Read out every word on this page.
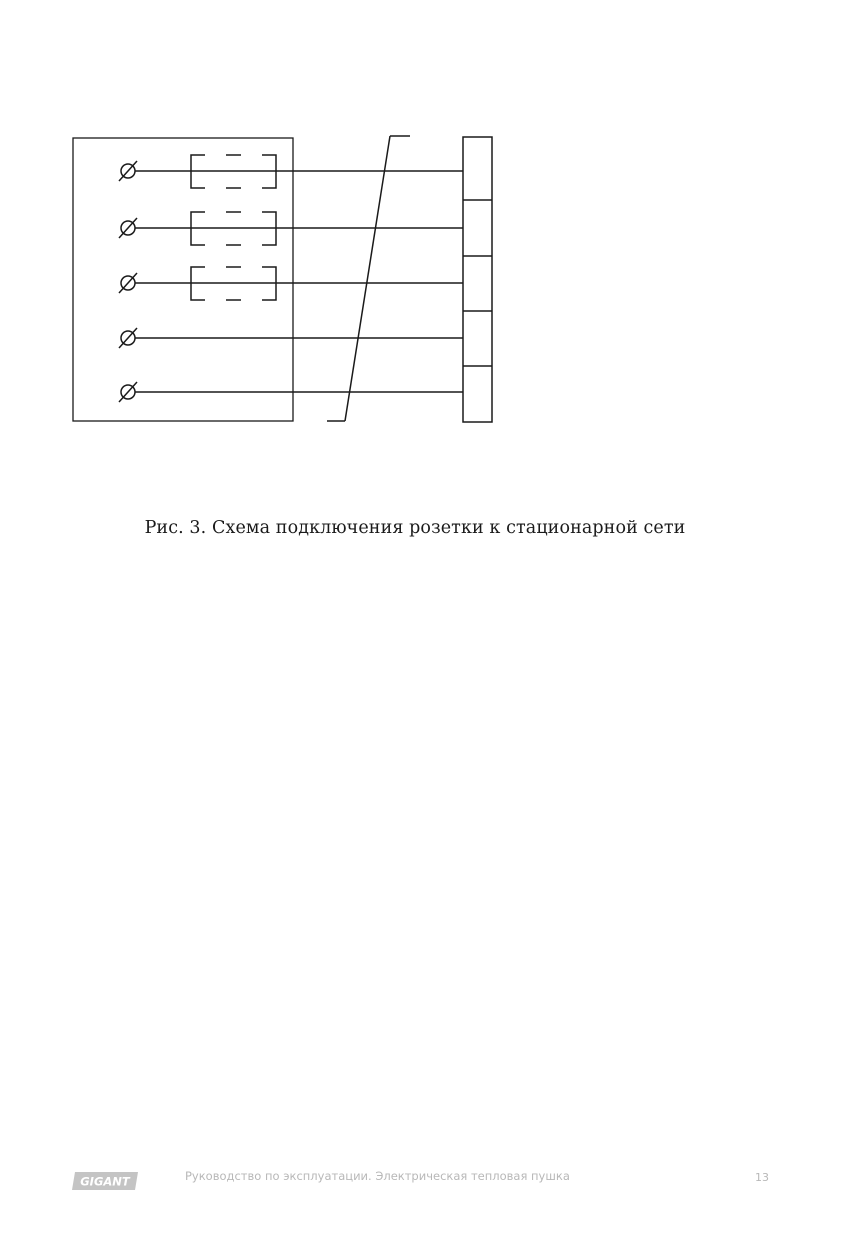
Рис. 3. Схема подключения розетки к стационарной сети
GIGANT	Руководство по эксплуатации. Электрическая тепловая пушка	13
